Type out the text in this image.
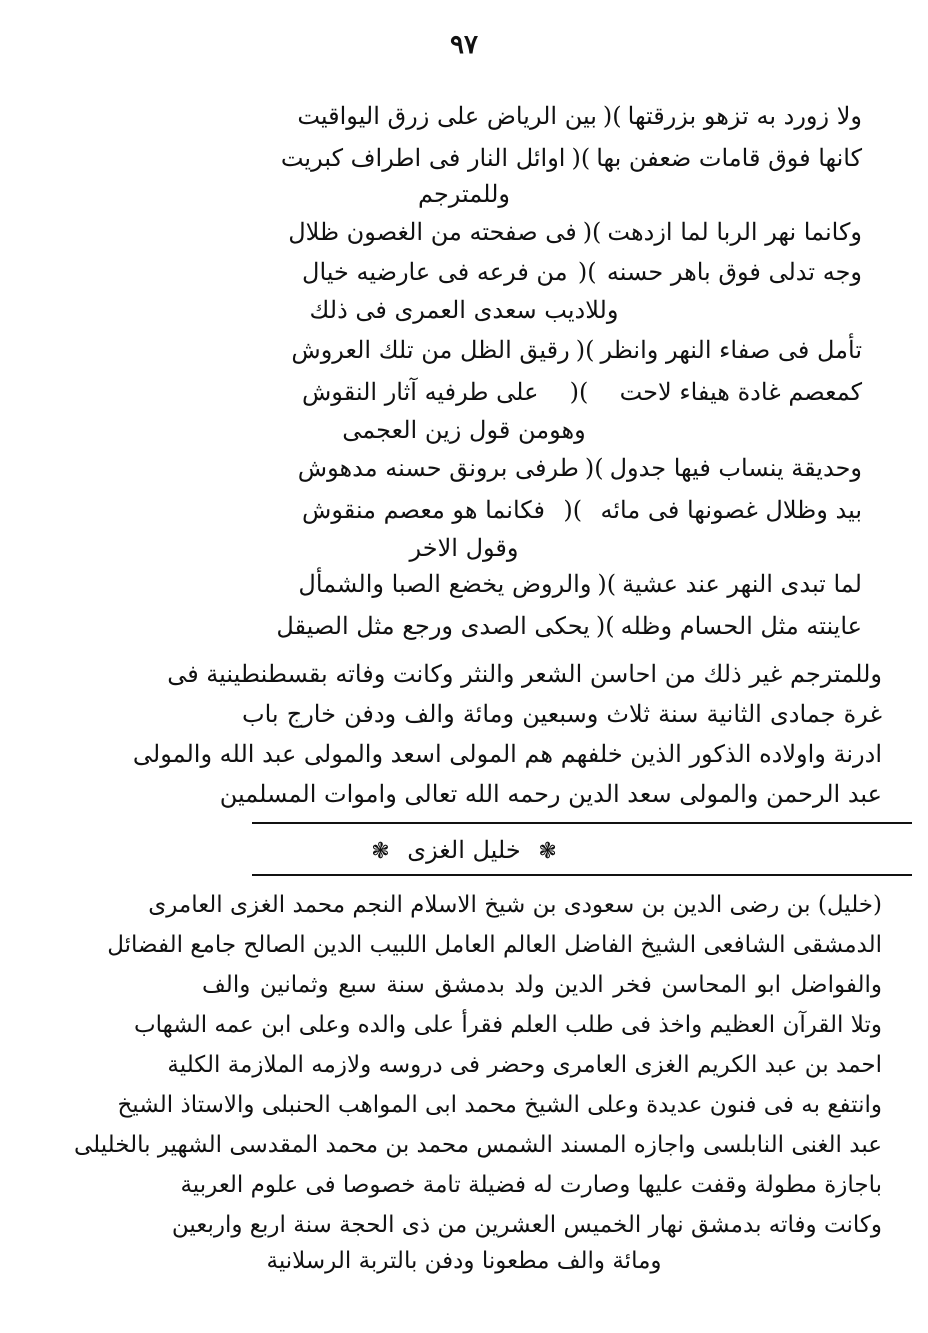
٩٧
ولا زورد به تزهو بزرقتها
)(
بين الرياض على زرق اليواقيت
كانها فوق قامات ضعفن بها
)(
اوائل النار فى اطراف كبريت
وللمترجم
وكانما نهر الربا لما ازدهت
)(
فى صفحته من الغصون ظلال
وجه تدلى فوق باهر حسنه
)(
من فرعه فى عارضيه خيال
وللاديب سعدى العمرى فى ذلك
تأمل فى صفاء النهر وانظر
)(
رقيق الظل من تلك العروش
كمعصم غادة هيفاء لاحت
)(
على طرفيه آثار النقوش
وهومن قول زين العجمى
وحديقة ينساب فيها جدول
)(
طرفى برونق حسنه مدهوش
بيد وظلال غصونها فى مائه
)(
فكانما هو معصم منقوش
وقول الاخر
لما تبدى النهر عند عشية
)(
والروض يخضع الصبا والشمأل
عاينته مثل الحسام وظله
)(
يحكى الصدى ورجع مثل الصيقل
وللمترجم غير ذلك من احاسن الشعر والنثر وكانت وفاته بقسطنطينية فى
غرة جمادى الثانية سنة ثلاث وسبعين ومائة والف ودفن خارج باب
ادرنة واولاده الذكور الذين خلفهم هم المولى اسعد والمولى عبد الله والمولى
عبد الرحمن والمولى سعد الدين رحمه الله تعالى واموات المسلمين
❃ خليل الغزى ❃
(خليل) بن رضى الدين بن سعودى بن شيخ الاسلام النجم محمد الغزى العامرى
الدمشقى الشافعى الشيخ الفاضل العالم العامل اللبيب الدين الصالح جامع الفضائل
والفواضل ابو المحاسن فخر الدين ولد بدمشق سنة سبع وثمانين والف
وتلا القرآن العظيم واخذ فى طلب العلم فقرأ على والده وعلى ابن عمه الشهاب
احمد بن عبد الكريم الغزى العامرى وحضر فى دروسه ولازمه الملازمة الكلية
وانتفع به فى فنون عديدة وعلى الشيخ محمد ابى المواهب الحنبلى والاستاذ الشيخ
عبد الغنى النابلسى واجازه المسند الشمس محمد بن محمد المقدسى الشهير بالخليلى
باجازة مطولة وقفت عليها وصارت له فضيلة تامة خصوصا فى علوم العربية
وكانت وفاته بدمشق نهار الخميس العشرين من ذى الحجة سنة اربع واربعين
ومائة والف مطعونا ودفن بالتربة الرسلانية
